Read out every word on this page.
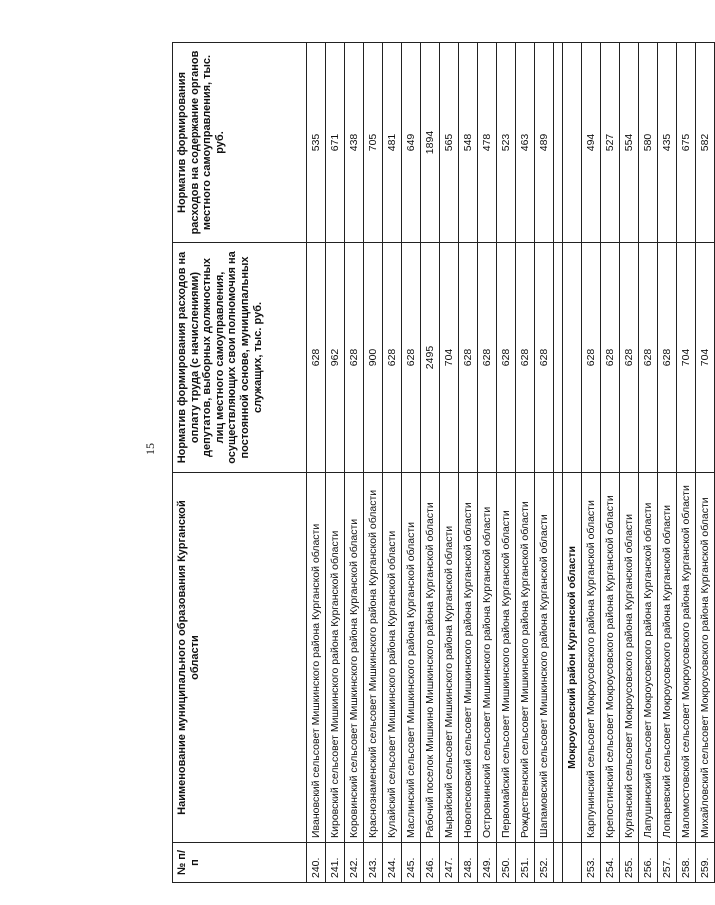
15
№ п/п	Наименование муниципального образования Курганской области	Норматив формирования расходов на оплату труда (с начислениями) депутатов, выборных должностных лиц местного самоуправления, осуществляющих свои полномочия на постоянной основе, муниципальных служащих, тыс. руб.	Норматив формирования расходов на содержание органов местного самоуправления, тыс. руб.
240.	Ивановский сельсовет Мишкинского района Курганской области	628	535
241.	Кировский сельсовет Мишкинского района Курганской области	962	671
242.	Коровинский сельсовет Мишкинского района Курганской области	628	438
243.	Краснознаменский сельсовет Мишкинского района Курганской области	900	705
244.	Кулайский сельсовет Мишкинского района Курганской области	628	481
245.	Маслинский сельсовет Мишкинского района Курганской области	628	649
246.	Рабочий поселок Мишкино Мишкинского района Курганской области	2495	1894
247.	Мырайский сельсовет Мишкинского района Курганской области	704	565
248.	Новопесковский сельсовет Мишкинского района Курганской области	628	548
249.	Островнинский сельсовет Мишкинского района Курганской области	628	478
250.	Первомайский сельсовет Мишкинского района Курганской области	628	523
251.	Рождественский сельсовет Мишкинского района Курганской области	628	463
252.	Шапамовский сельсовет Мишкинского района Курганской области	628	489

	Мокроусовский район Курганской области		
253.	Карпунинский сельсовет Мокроусовского района Курганской области	628	494
254.	Крепостинский сельсовет Мокроусовского района Курганской области	628	527
255.	Курганский сельсовет Мокроусовского района Курганской области	628	554
256.	Лапушинский сельсовет Мокроусовского района Курганской области	628	580
257.	Лопаревский сельсовет Мокроусовского района Курганской области	628	435
258.	Маломостовской сельсовет Мокроусовского района Курганской области	704	675
259.	Михайловский сельсовет Мокроусовского района Курганской области	704	582
